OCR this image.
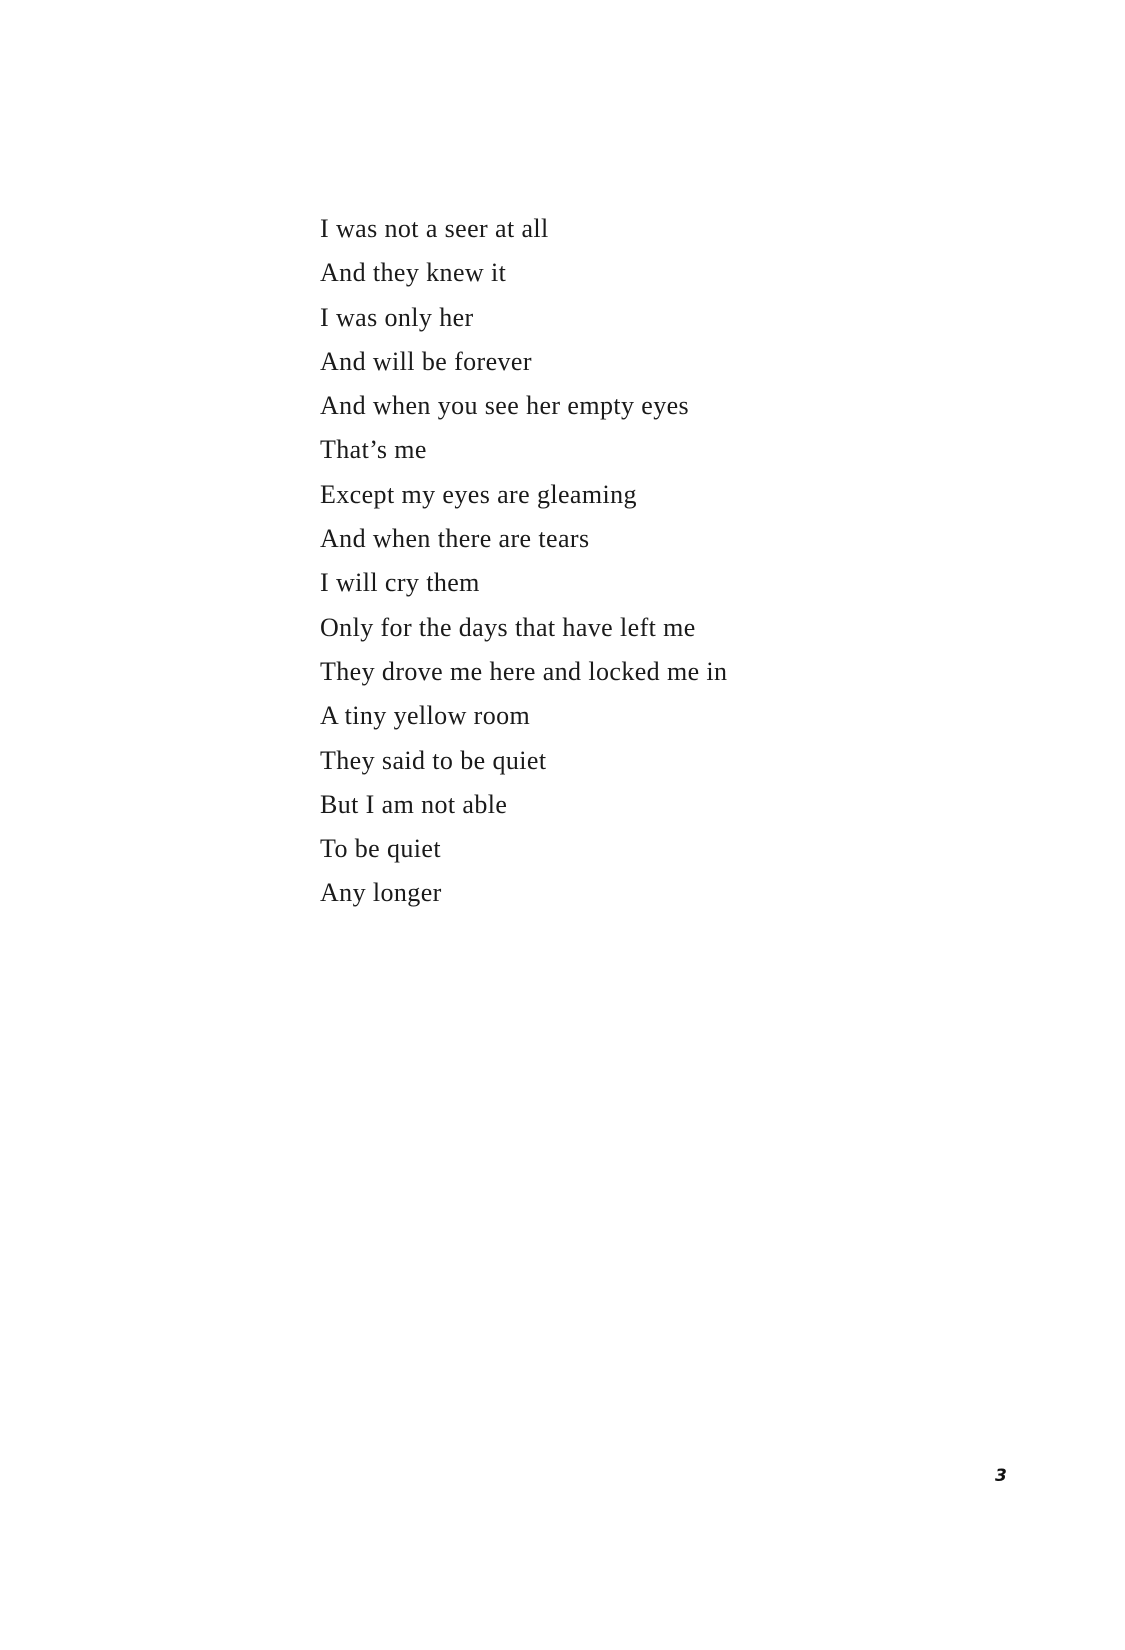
I was not a seer at all
And they knew it
I was only her
And will be forever
And when you see her empty eyes
That’s me
Except my eyes are gleaming
And when there are tears
I will cry them
Only for the days that have left me
They drove me here and locked me in
A tiny yellow room
They said to be quiet
But I am not able
To be quiet
Any longer
3
